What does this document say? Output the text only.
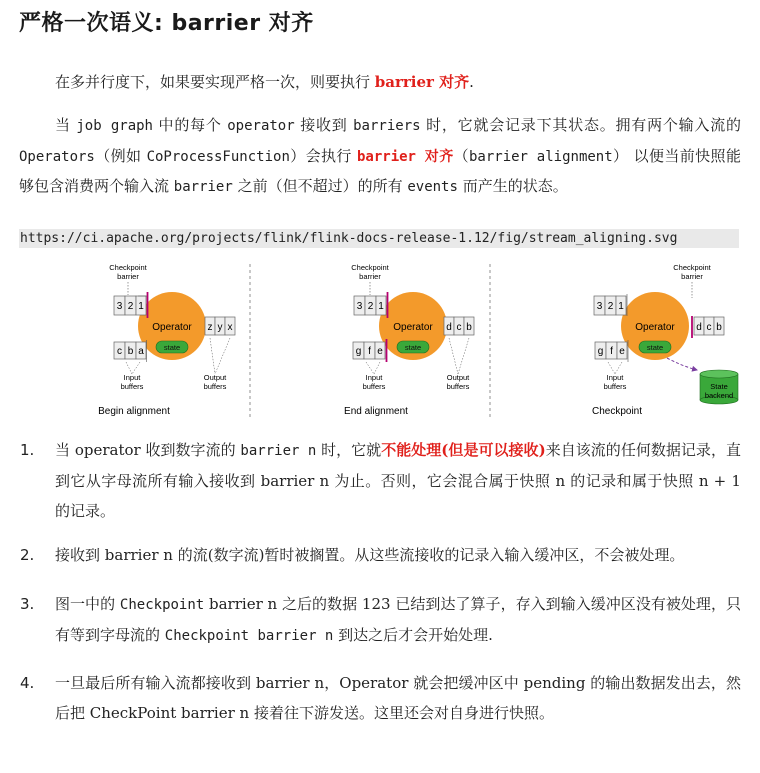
严格一次语义: barrier 对齐

在多并行度下，如果要实现严格一次，则要执行 barrier 对齐.

当 job graph 中的每个 operator 接收到 barriers 时，它就会记录下其状态。拥有两个输入流的 Operators（例如 CoProcessFunction）会执行 barrier 对齐（barrier alignment） 以便当前快照能够包含消费两个输入流 barrier 之前（但不超过）的所有 events 而产生的状态。

https://ci.apache.org/projects/flink/flink-docs-release-1.12/fig/stream_aligning.svg
Checkpoint
barrier
Operator
state
3 2 1
c b a
z y x
Input
buffers
Output
buffers
Begin alignment
Checkpoint
barrier
Operator
state
3 2 1
g f e
d c b
Input
buffers
Output
buffers
End alignment
Checkpoint
barrier
Operator
state
3 2 1
g f e
d c b
Input
buffers	State
backend
Checkpoint
1. 当 operator 收到数字流的 barrier n 时，它就不能处理(但是可以接收)来自该流的任何数据记录，直到它从字母流所有输入接收到 barrier n 为止。否则，它会混合属于快照 n 的记录和属于快照 n + 1 的记录。
2. 接收到 barrier n 的流(数字流)暂时被搁置。从这些流接收的记录入输入缓冲区，不会被处理。
3. 图一中的 Checkpoint barrier n 之后的数据 123 已结到达了算子，存入到输入缓冲区没有被处理，只有等到字母流的 Checkpoint barrier n 到达之后才会开始处理.
4. 一旦最后所有输入流都接收到 barrier n，Operator 就会把缓冲区中 pending 的输出数据发出去，然后把 CheckPoint barrier n 接着往下游发送。这里还会对自身进行快照。
